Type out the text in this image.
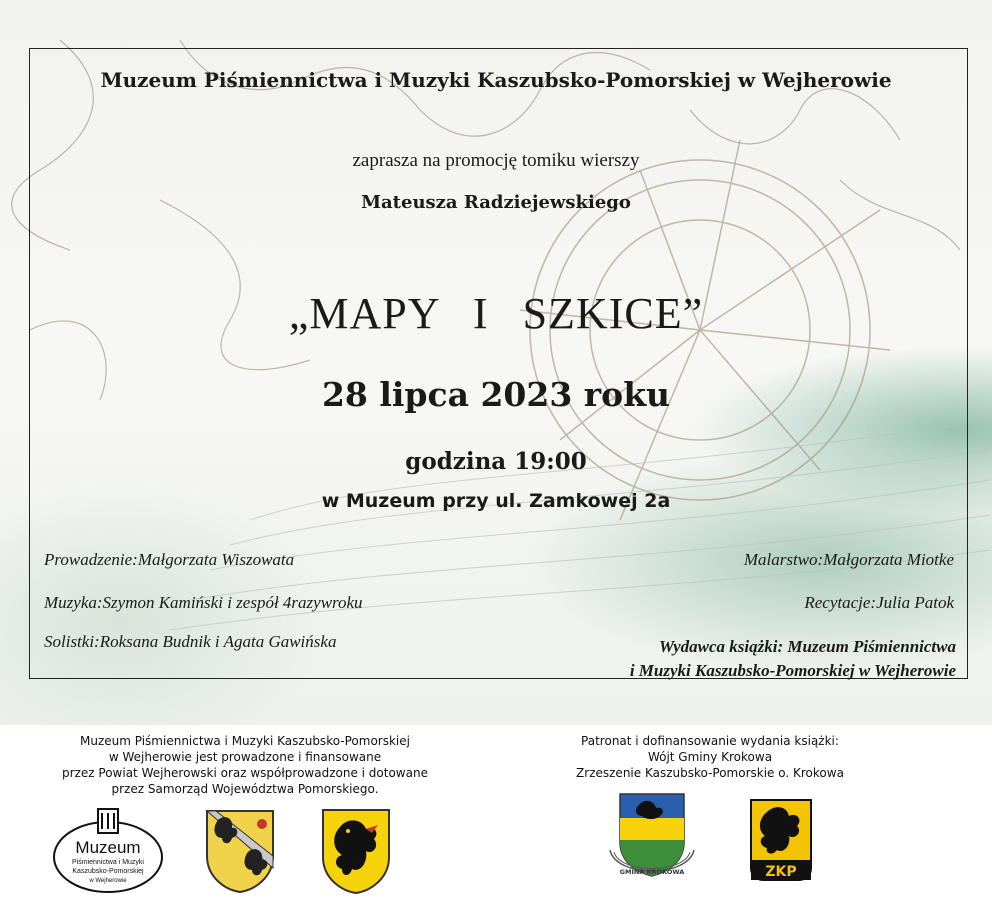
Muzeum Piśmiennictwa i Muzyki Kaszubsko-Pomorskiej w Wejherowie
zaprasza na promocję tomiku wierszy
Mateusza Radziejewskiego
„MAPY I SZKICE”
28 lipca 2023 roku
godzina 19:00
w Muzeum przy ul. Zamkowej 2a
Prowadzenie:Małgorzata Wiszowata
Muzyka:Szymon Kamiński i zespół 4razywroku
Solistki:Roksana Budnik i Agata Gawińska
Malarstwo:Małgorzata Miotke
Recytacje:Julia Patok
Wydawca książki: Muzeum Piśmiennictwa
i Muzyki Kaszubsko-Pomorskiej w Wejherowie
Muzeum Piśmiennictwa i Muzyki Kaszubsko-Pomorskiej
w Wejherowie jest prowadzone i finansowane
przez Powiat Wejherowski oraz współprowadzone i dotowane
przez Samorząd Województwa Pomorskiego.
Patronat i dofinansowanie wydania książki:
Wójt Gminy Krokowa
Zrzeszenie Kaszubsko-Pomorskie o. Krokowa
Muzeum
Piśmiennictwa i Muzyki
Kaszubsko-Pomorskiej
w Wejherowie
GMINA KROKOWA	ZKP
